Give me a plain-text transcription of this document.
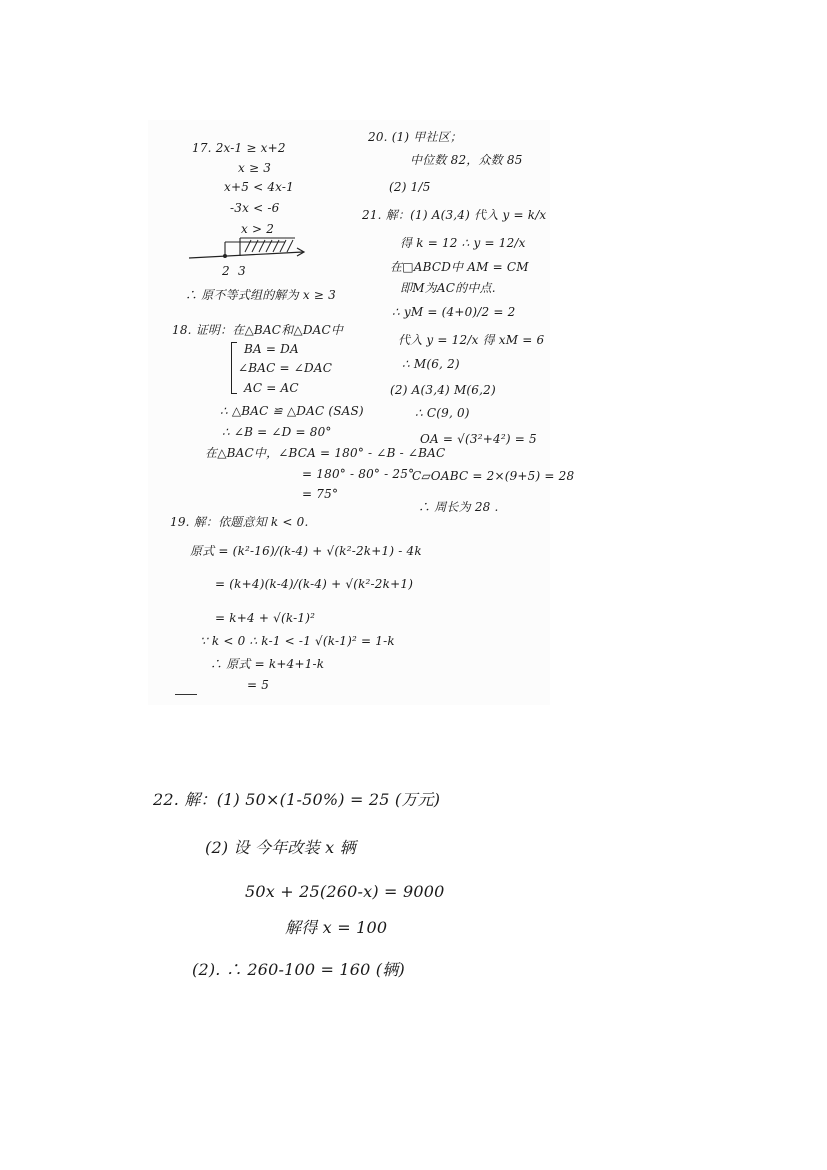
17. 2x-1 ≥ x+2
x ≥ 3
x+5 < 4x-1
-3x < -6
x > 2
2 3
∴ 原不等式组的解为 x ≥ 3
18. 证明：在△BAC和△DAC中
BA = DA
∠BAC = ∠DAC
AC = AC
∴ △BAC ≌ △DAC (SAS)
∴ ∠B = ∠D = 80°
在△BAC中，∠BCA = 180° - ∠B - ∠BAC
= 180° - 80° - 25°
= 75°
19. 解：依题意知 k < 0.
原式 = (k²-16)/(k-4) + √(k²-2k+1) - 4k
= (k+4)(k-4)/(k-4) + √(k²-2k+1)
= k+4 + √(k-1)²
∵ k < 0 ∴ k-1 < -1 √(k-1)² = 1-k
∴ 原式 = k+4+1-k
= 5
20. (1) 甲社区；
中位数 82，众数 85
(2) 1/5
21. 解：(1) A(3,4) 代入 y = k/x
得 k = 12 ∴ y = 12/x
在□ABCD中 AM = CM
即M为AC的中点.
∴ yM = (4+0)/2 = 2
代入 y = 12/x 得 xM = 6
∴ M(6, 2)
(2) A(3,4) M(6,2)
∴ C(9, 0)
OA = √(3²+4²) = 5
C▱OABC = 2×(9+5) = 28
∴ 周长为 28 .
22. 解：(1) 50×(1-50%) = 25 (万元)
(2) 设 今年改装 x 辆
50x + 25(260-x) = 9000
解得 x = 100
(2). ∴ 260-100 = 160 (辆)
